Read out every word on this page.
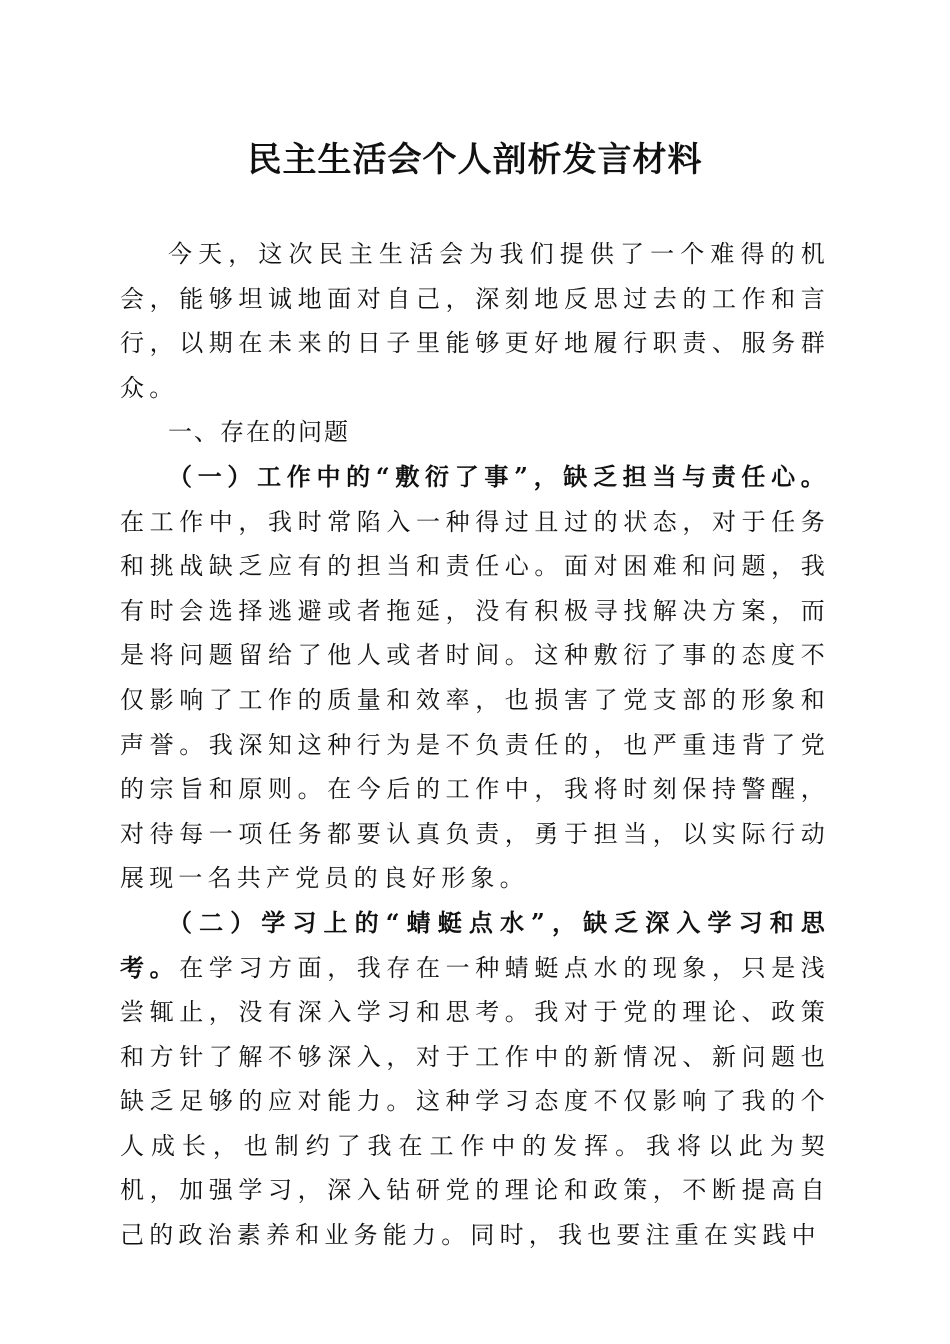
民主生活会个人剖析发言材料

今天，这次民主生活会为我们提供了一个难得的机会，能够坦诚地面对自己，深刻地反思过去的工作和言行，以期在未来的日子里能够更好地履行职责、服务群众。

一、存在的问题

（一）工作中的“敷衍了事”，缺乏担当与责任心。在工作中，我时常陷入一种得过且过的状态，对于任务和挑战缺乏应有的担当和责任心。面对困难和问题，我有时会选择逃避或者拖延，没有积极寻找解决方案，而是将问题留给了他人或者时间。这种敷衍了事的态度不仅影响了工作的质量和效率，也损害了党支部的形象和声誉。我深知这种行为是不负责任的，也严重违背了党的宗旨和原则。在今后的工作中，我将时刻保持警醒，对待每一项任务都要认真负责，勇于担当，以实际行动展现一名共产党员的良好形象。

（二）学习上的“蜻蜓点水”，缺乏深入学习和思考。在学习方面，我存在一种蜻蜓点水的现象，只是浅尝辄止，没有深入学习和思考。我对于党的理论、政策和方针了解不够深入，对于工作中的新情况、新问题也缺乏足够的应对能力。这种学习态度不仅影响了我的个人成长，也制约了我在工作中的发挥。我将以此为契机，加强学习，深入钻研党的理论和政策，不断提高自己的政治素养和业务能力。同时，我也要注重在实践中
